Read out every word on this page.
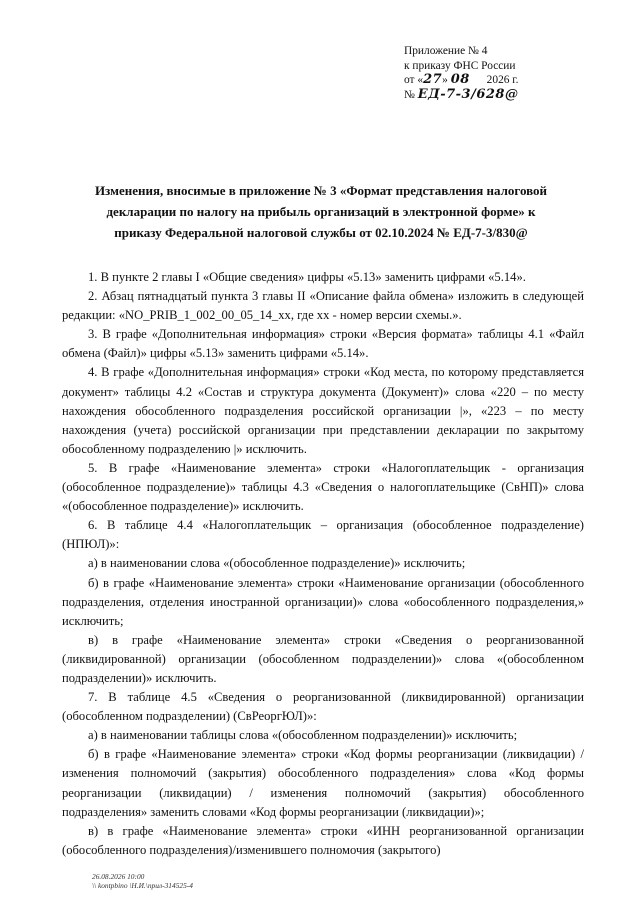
Приложение № 4
к приказу ФНС России
от «27» 08 2026 г.
№ ЕД-7-3/628@
Изменения, вносимые в приложение № 3 «Формат представления налоговой декларации по налогу на прибыль организаций в электронной форме» к приказу Федеральной налоговой службы от 02.10.2024 № ЕД-7-3/830@

1. В пункте 2 главы I «Общие сведения» цифры «5.13» заменить цифрами «5.14».

2. Абзац пятнадцатый пункта 3 главы II «Описание файла обмена» изложить в следующей редакции: «NO_PRIB_1_002_00_05_14_xx, где хх - номер версии схемы.».

3. В графе «Дополнительная информация» строки «Версия формата» таблицы 4.1 «Файл обмена (Файл)» цифры «5.13» заменить цифрами «5.14».

4. В графе «Дополнительная информация» строки «Код места, по которому представляется документ» таблицы 4.2 «Состав и структура документа (Документ)» слова «220 – по месту нахождения обособленного подразделения российской организации |», «223 – по месту нахождения (учета) российской организации при представлении декларации по закрытому обособленному подразделению |» исключить.

5. В графе «Наименование элемента» строки «Налогоплательщик - организация (обособленное подразделение)» таблицы 4.3 «Сведения о налогоплательщике (СвНП)» слова «(обособленное подразделение)» исключить.

6. В таблице 4.4 «Налогоплательщик – организация (обособленное подразделение) (НПЮЛ)»:

а) в наименовании слова «(обособленное подразделение)» исключить;

б) в графе «Наименование элемента» строки «Наименование организации (обособленного подразделения, отделения иностранной организации)» слова «обособленного подразделения,» исключить;

в) в графе «Наименование элемента» строки «Сведения о реорганизованной (ликвидированной) организации (обособленном подразделении)» слова «(обособленном подразделении)» исключить.

7. В таблице 4.5 «Сведения о реорганизованной (ликвидированной) организации (обособленном подразделении) (СвРеоргЮЛ)»:

а) в наименовании таблицы слова «(обособленном подразделении)» исключить;

б) в графе «Наименование элемента» строки «Код формы реорганизации (ликвидации) / изменения полномочий (закрытия) обособленного подразделения» слова «Код формы реорганизации (ликвидации) / изменения полномочий (закрытия) обособленного подразделения» заменить словами «Код формы реорганизации (ликвидации)»;

в) в графе «Наименование элемента» строки «ИНН реорганизованной организации (обособленного подразделения)/изменившего полномочия (закрытого)

26.08.2026 10:00
\\ kontpbino \Н.И.\прил-314525-4
